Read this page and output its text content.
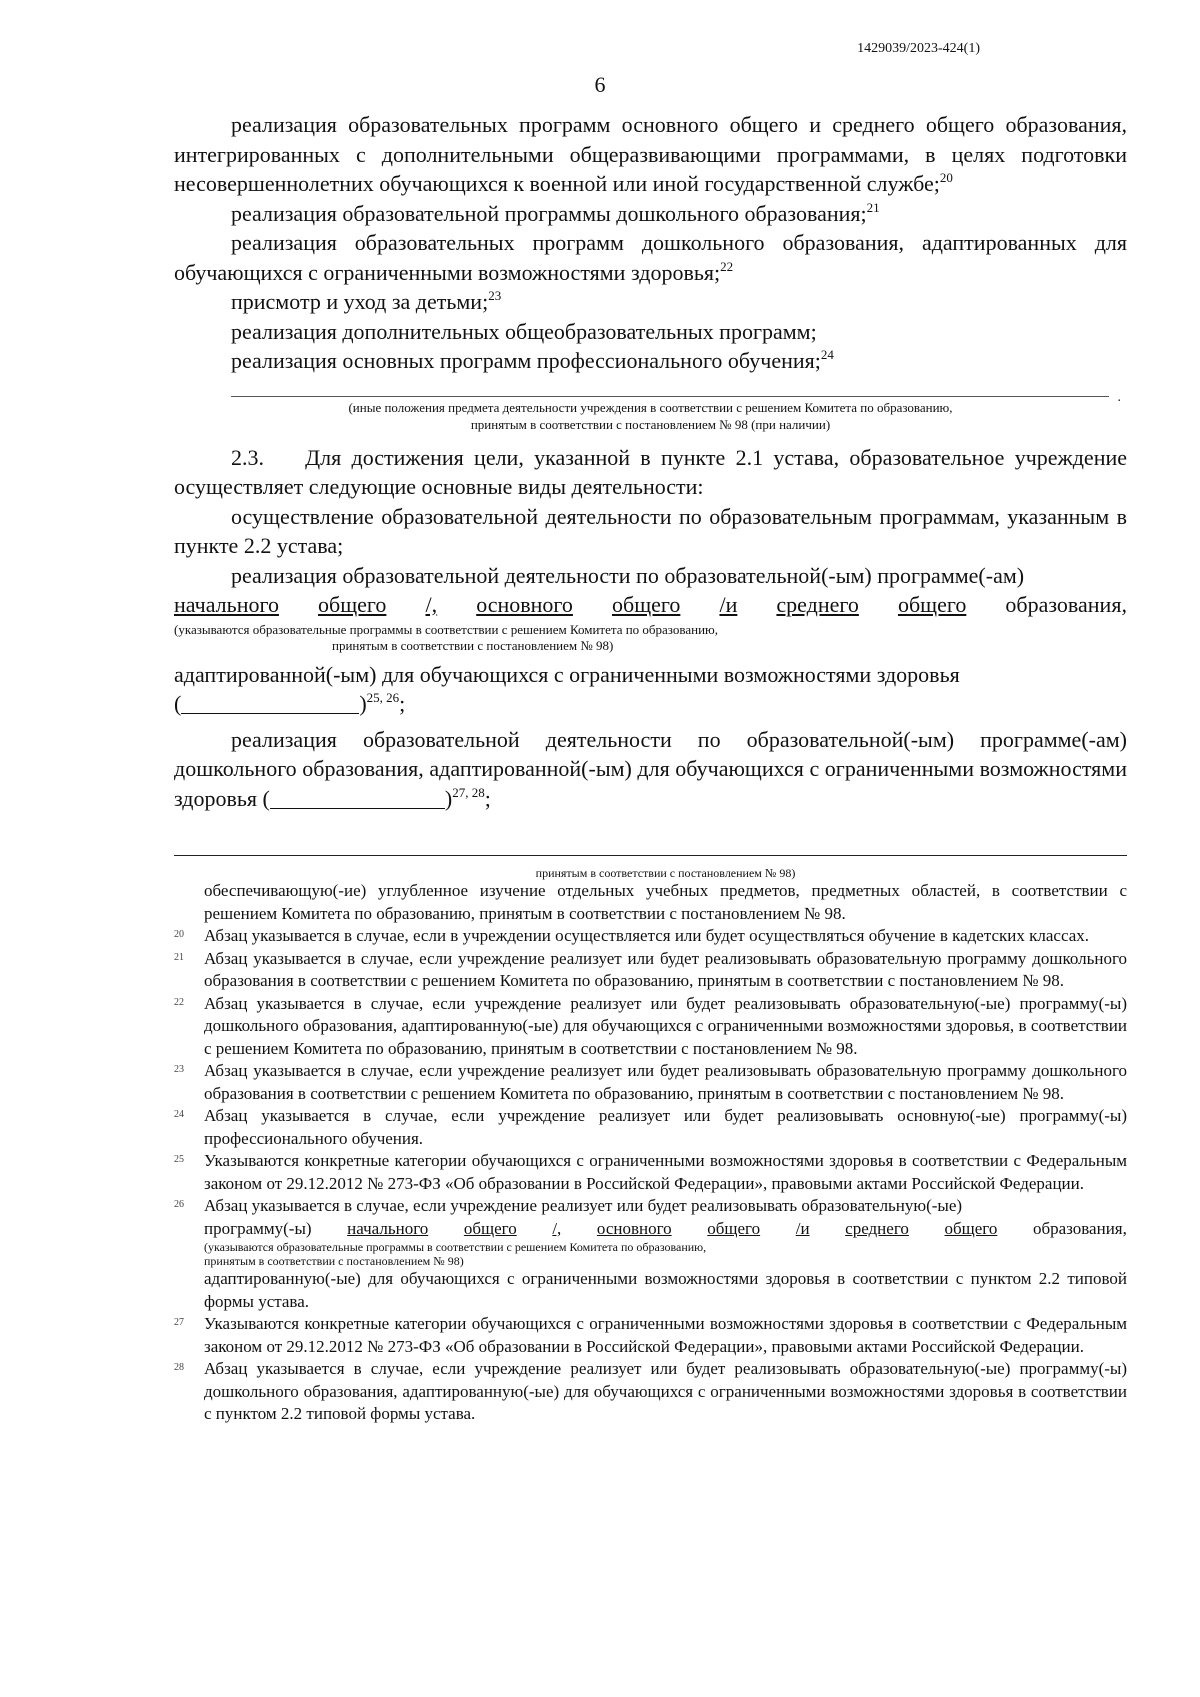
1429039/2023-424(1)
6

реализация образовательных программ основного общего и среднего общего образования, интегрированных с дополнительными общеразвивающими программами, в целях подготовки несовершеннолетних обучающихся к военной или иной государственной службе;$^{20}$

реализация образовательной программы дошкольного образования;$^{21}$

реализация образовательных программ дошкольного образования, адаптированных для обучающихся с ограниченными возможностями здоровья;$^{22}$

присмотр и уход за детьми;$^{23}$

реализация дополнительных общеобразовательных программ;

реализация основных программ профессионального обучения;$^{24}$

.
(иные положения предмета деятельности учреждения в соответствии с решением Комитета по образованию,
принятым в соответствии с постановлением № 98 (при наличии)

2.3. Для достижения цели, указанной в пункте 2.1 устава, образовательное учреждение осуществляет следующие основные виды деятельности:

осуществление образовательной деятельности по образовательным программам, указанным в пункте 2.2 устава;

реализация образовательной деятельности по образовательной(-ым) программе(-ам)

начального общего /, основного общего /и среднего общего образования,
(указываются образовательные программы в соответствии с решением Комитета по образованию,
принятым в соответствии с постановлением № 98)

адаптированной(-ым) для обучающихся с ограниченными возможностями здоровья

(	)$^{25, 26}$;

реализация образовательной деятельности по образовательной(-ым) программе(-ам) дошкольного образования, адаптированной(-ым) для обучающихся с ограниченными возможностями здоровья (	)$^{27, 28}$;

принятым в соответствии с постановлением № 98)
обеспечивающую(-ие) углубленное изучение отдельных учебных предметов, предметных областей, в соответствии с решением Комитета по образованию, принятым в соответствии с постановлением № 98.
20 Абзац указывается в случае, если в учреждении осуществляется или будет осуществляться обучение в кадетских классах.
21 Абзац указывается в случае, если учреждение реализует или будет реализовывать образовательную программу дошкольного образования в соответствии с решением Комитета по образованию, принятым в соответствии с постановлением № 98.
22 Абзац указывается в случае, если учреждение реализует или будет реализовывать образовательную(-ые) программу(-ы) дошкольного образования, адаптированную(-ые) для обучающихся с ограниченными возможностями здоровья, в соответствии с решением Комитета по образованию, принятым в соответствии с постановлением № 98.
23 Абзац указывается в случае, если учреждение реализует или будет реализовывать образовательную программу дошкольного образования в соответствии с решением Комитета по образованию, принятым в соответствии с постановлением № 98.
24 Абзац указывается в случае, если учреждение реализует или будет реализовывать основную(-ые) программу(-ы) профессионального обучения.
25 Указываются конкретные категории обучающихся с ограниченными возможностями здоровья в соответствии с Федеральным законом от 29.12.2012 № 273-ФЗ «Об образовании в Российской Федерации», правовыми актами Российской Федерации.
26 Абзац указывается в случае, если учреждение реализует или будет реализовывать образовательную(-ые)
программу(-ы) начального общего /, основного общего /и среднего общего образования,
(указываются образовательные программы в соответствии с решением Комитета по образованию,
принятым в соответствии с постановлением № 98)
адаптированную(-ые) для обучающихся с ограниченными возможностями здоровья в соответствии с пунктом 2.2 типовой формы устава.
27 Указываются конкретные категории обучающихся с ограниченными возможностями здоровья в соответствии с Федеральным законом от 29.12.2012 № 273-ФЗ «Об образовании в Российской Федерации», правовыми актами Российской Федерации.
28 Абзац указывается в случае, если учреждение реализует или будет реализовывать образовательную(-ые) программу(-ы) дошкольного образования, адаптированную(-ые) для обучающихся с ограниченными возможностями здоровья в соответствии с пунктом 2.2 типовой формы устава.
